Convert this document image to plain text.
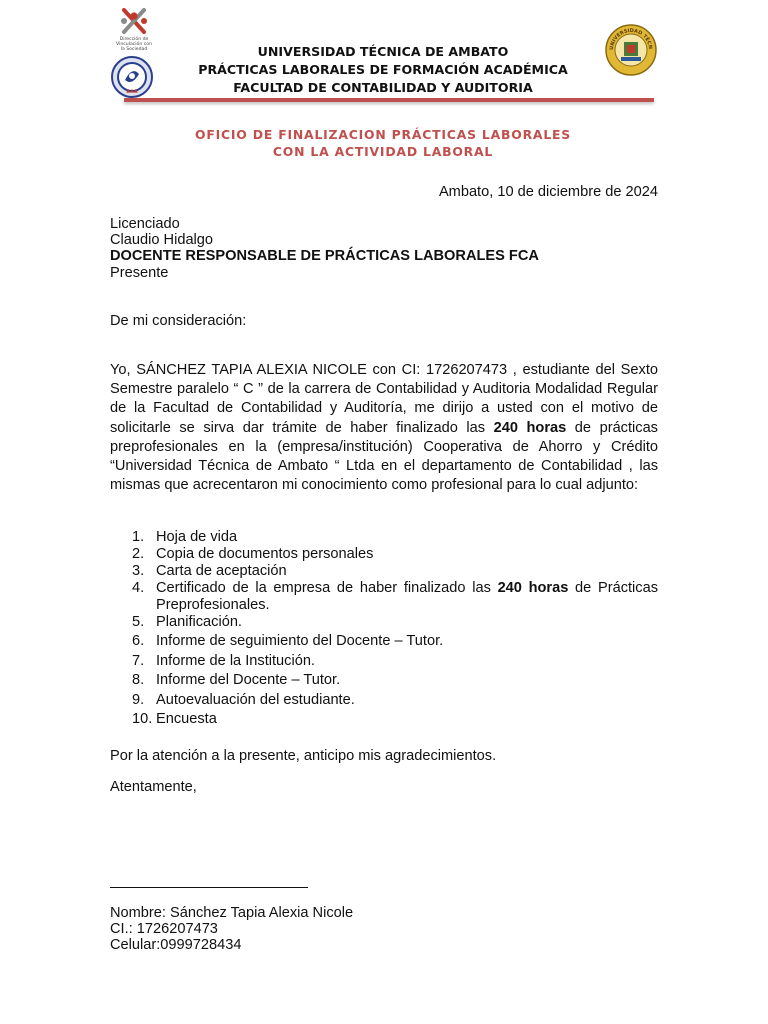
Dirección de
Vinculación con
la Sociedad
▲▲▲
UNIVERSIDAD TÉCNICA DE AMBATO
PRÁCTICAS LABORALES DE FORMACIÓN ACADÉMICA
FACULTAD DE CONTABILIDAD Y AUDITORIA
UNIVERSIDAD TÉCN
OFICIO DE FINALIZACION PRÁCTICAS LABORALES
CON LA ACTIVIDAD LABORAL
Ambato, 10 de diciembre de 2024
Licenciado
Claudio Hidalgo
DOCENTE RESPONSABLE DE PRÁCTICAS LABORALES FCA
Presente
De mi consideración:
Yo, SÁNCHEZ TAPIA ALEXIA NICOLE con CI: 1726207473 , estudiante del Sexto Semestre paralelo “ C ” de la carrera de Contabilidad y Auditoria Modalidad Regular de la Facultad de Contabilidad y Auditoría, me dirijo a usted con el motivo de solicitarle se sirva dar trámite de haber finalizado las 240 horas de prácticas preprofesionales en la (empresa/institución) Cooperativa de Ahorro y Crédito “Universidad Técnica de Ambato “ Ltda en el departamento de Contabilidad , las mismas que acrecentaron mi conocimiento como profesional para lo cual adjunto:
1. Hoja de vida
2. Copia de documentos personales
3. Carta de aceptación
4. Certificado de la empresa de haber finalizado las 240 horas de Prácticas Preprofesionales.
5. Planificación.
6. Informe de seguimiento del Docente – Tutor.
7. Informe de la Institución.
8. Informe del Docente – Tutor.
9. Autoevaluación del estudiante.
10. Encuesta
Por la atención a la presente, anticipo mis agradecimientos.
Atentamente,
Nombre: Sánchez Tapia Alexia Nicole
CI.: 1726207473
Celular:0999728434
